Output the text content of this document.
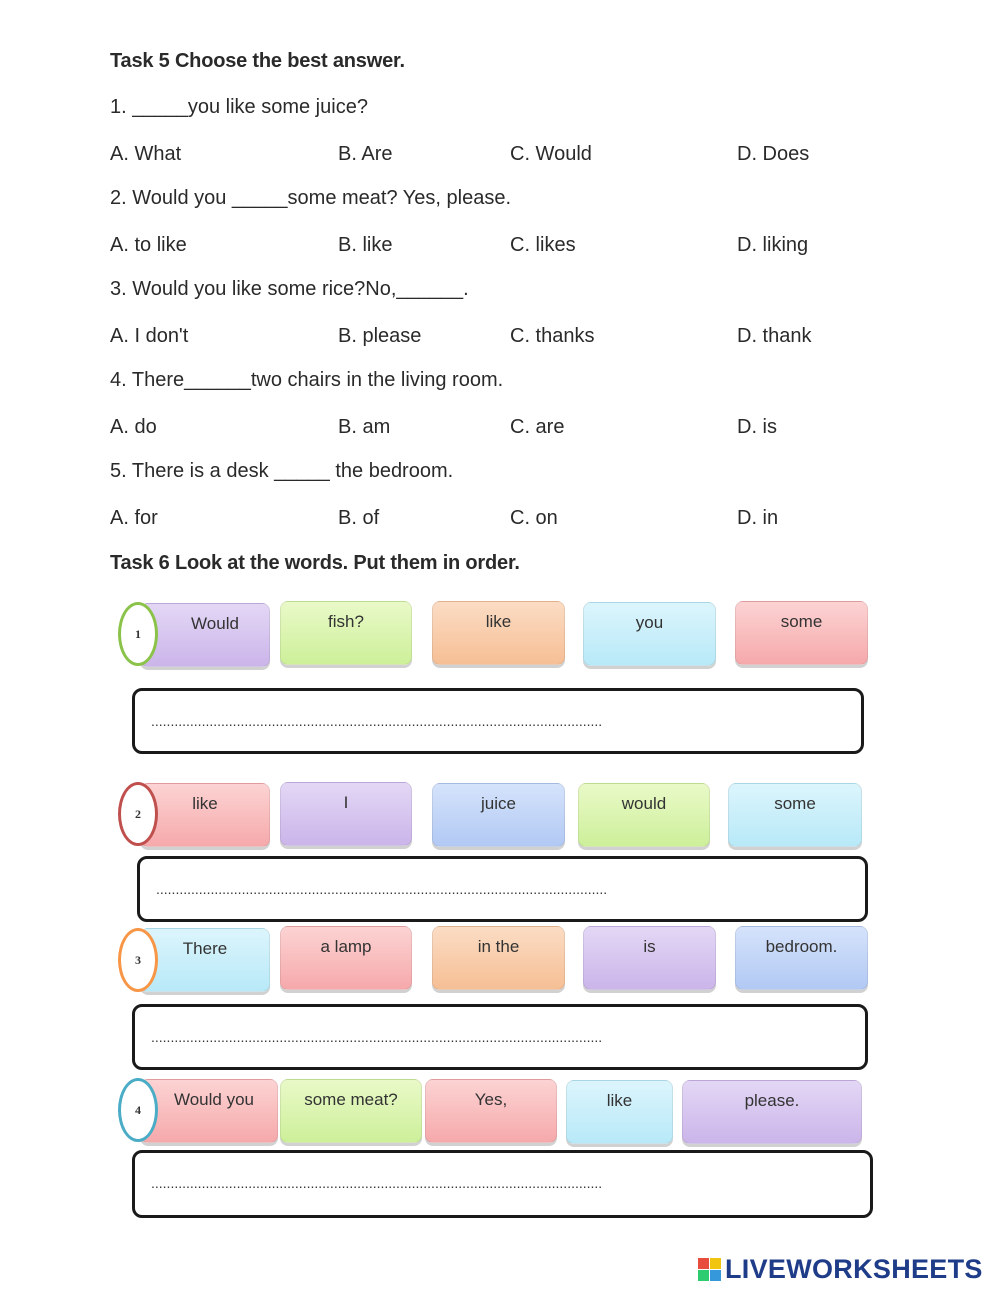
Task 5 Choose the best answer.
1. _____you like some juice?
A. What	B. Are	C. Would	D. Does
2. Would you _____some meat? Yes, please.
A. to like	B. like	C. likes	D. liking
3. Would you like some rice?No,______.
A. I don't	B. please	C. thanks	D. thank
4. There______two chairs in the living room.
A. do	B. am	C. are	D. is
5. There is a desk _____ the bedroom.
A. for	B. of	C. on	D. in
Task 6 Look at the words. Put them in order.
1
Would	fish?	like	you	some
....................................................................................................................
2
like	I	juice	would	some
....................................................................................................................
3
There	a lamp	in the	is	bedroom.
....................................................................................................................
4
Would you	some meat?	Yes,	like	please.
....................................................................................................................
LIVEWORKSHEETS
